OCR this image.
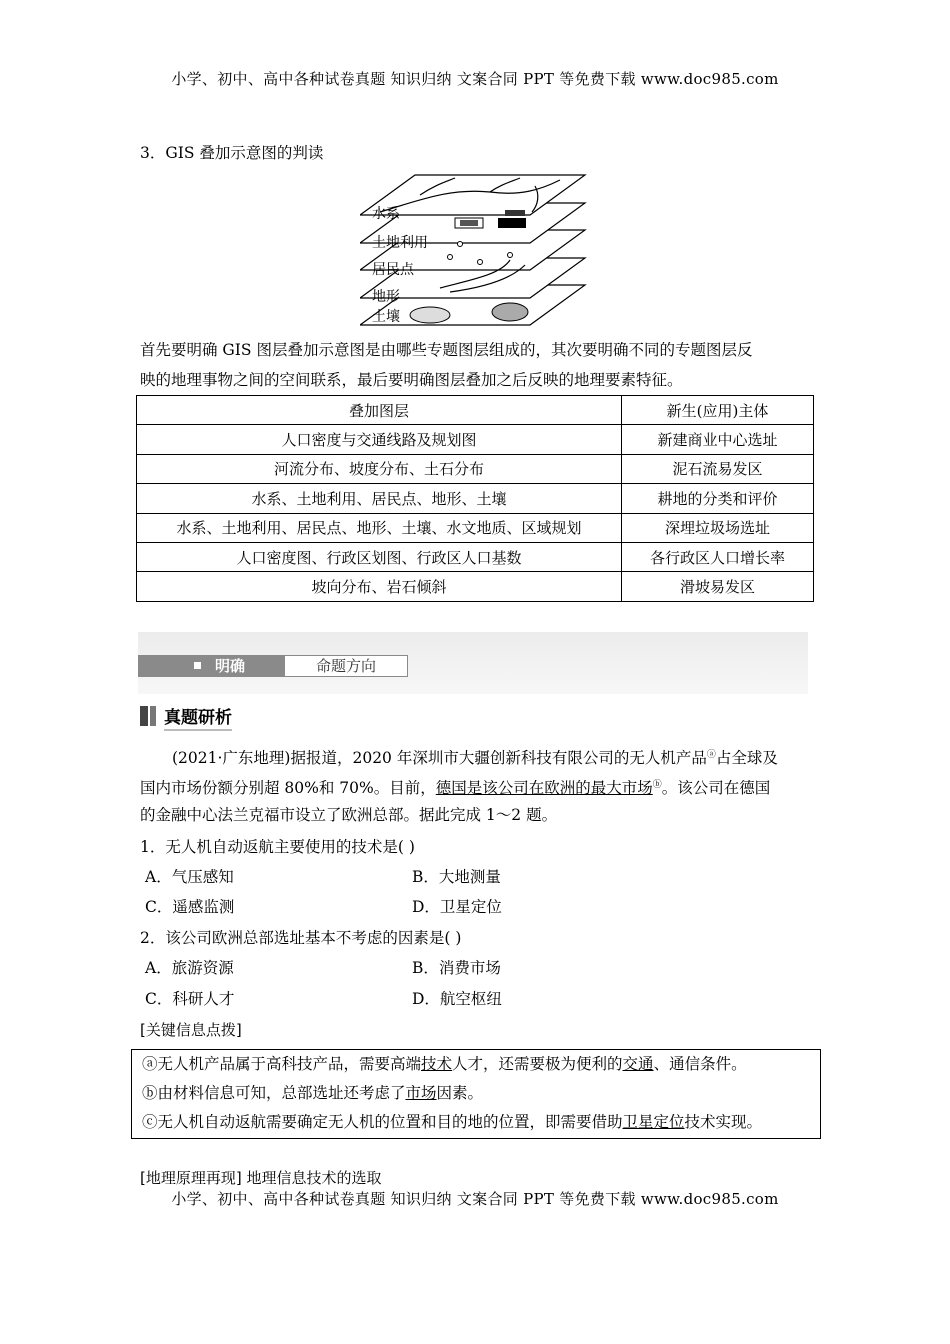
小学、初中、高中各种试卷真题 知识归纳 文案合同 PPT 等免费下载 www.doc985.com
3．GIS 叠加示意图的判读
水系
土地利用
居民点
地形
土壤
首先要明确 GIS 图层叠加示意图是由哪些专题图层组成的，其次要明确不同的专题图层反
映的地理事物之间的空间联系，最后要明确图层叠加之后反映的地理要素特征。
叠加图层	新生(应用)主体
人口密度与交通线路及规划图	新建商业中心选址
河流分布、坡度分布、土石分布	泥石流易发区
水系、土地利用、居民点、地形、土壤	耕地的分类和评价
水系、土地利用、居民点、地形、土壤、水文地质、区域规划	深埋垃圾场选址
人口密度图、行政区划图、行政区人口基数	各行政区人口增长率
坡向分布、岩石倾斜	滑坡易发区
明确	命题方向
真题研析
(2021·广东地理)据报道，2020 年深圳市大疆创新科技有限公司的无人机产品ⓐ占全球及
国内市场份额分别超 80%和 70%。目前，德国是该公司在欧洲的最大市场ⓑ。该公司在德国
的金融中心法兰克福市设立了欧洲总部。据此完成 1～2 题。
1．无人机自动返航主要使用的技术是( )
A．气压感知	B．大地测量
C．遥感监测	D．卫星定位
2．该公司欧洲总部选址基本不考虑的因素是( )
A．旅游资源	B．消费市场
C．科研人才	D．航空枢纽
[关键信息点拨]
ⓐ无人机产品属于高科技产品，需要高端技术人才，还需要极为便利的交通、通信条件。
ⓑ由材料信息可知，总部选址还考虑了市场因素。
ⓒ无人机自动返航需要确定无人机的位置和目的地的位置，即需要借助卫星定位技术实现。
[地理原理再现] 地理信息技术的选取
小学、初中、高中各种试卷真题 知识归纳 文案合同 PPT 等免费下载 www.doc985.com
